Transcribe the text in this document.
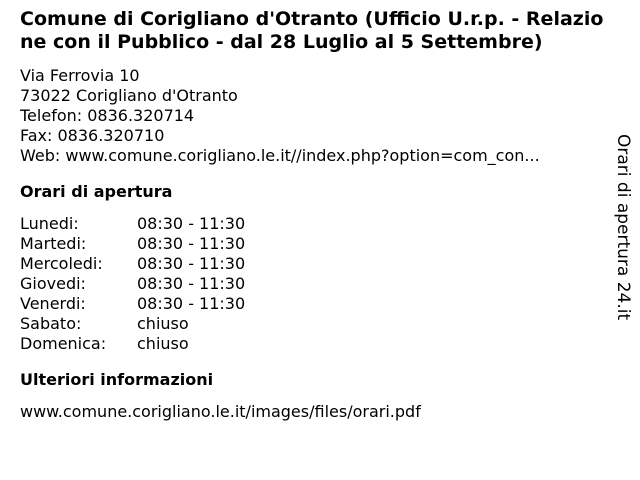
Comune di Corigliano d'Otranto (Ufficio U.r.p. - Relazione con il Pubblico - dal 28 Luglio al 5 Settembre)
Via Ferrovia 10
73022 Corigliano d'Otranto
Telefon: 0836.320714
Fax: 0836.320710
Web: www.comune.corigliano.le.it//index.php?option=com_con...
Orari di apertura
Lunedi:	08:30 - 11:30
Martedi:	08:30 - 11:30
Mercoledi:	08:30 - 11:30
Giovedi:	08:30 - 11:30
Venerdi:	08:30 - 11:30
Sabato:	chiuso
Domenica:	chiuso
Ulteriori informazioni
www.comune.corigliano.le.it/images/files/orari.pdf
Orari di apertura 24.it
